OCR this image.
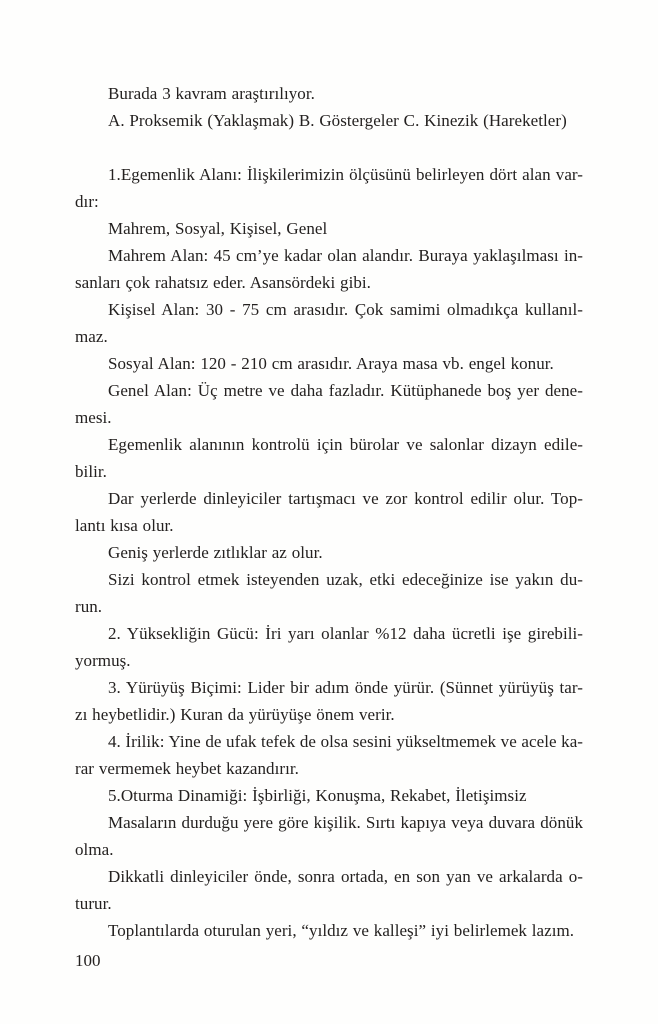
Burada 3 kavram araştırılıyor.
A. Proksemik (Yaklaşmak) B. Göstergeler C. Kinezik (Hareketler)
1.Egemenlik Alanı: İlişkilerimizin ölçüsünü belirleyen dört alan var-
dır:
Mahrem, Sosyal, Kişisel, Genel
Mahrem Alan: 45 cm’ye kadar olan alandır. Buraya yaklaşılması in-
sanları çok rahatsız eder. Asansördeki gibi.
Kişisel Alan: 30 - 75 cm arasıdır. Çok samimi olmadıkça kullanıl-
maz.
Sosyal Alan: 120 - 210 cm arasıdır. Araya masa vb. engel konur.
Genel Alan: Üç metre ve daha fazladır. Kütüphanede boş yer dene-
mesi.
Egemenlik alanının kontrolü için bürolar ve salonlar dizayn edile-
bilir.
Dar yerlerde dinleyiciler tartışmacı ve zor kontrol edilir olur. Top-
lantı kısa olur.
Geniş yerlerde zıtlıklar az olur.
Sizi kontrol etmek isteyenden uzak, etki edeceğinize ise yakın du-
run.
2. Yüksekliğin Gücü: İri yarı olanlar %12 daha ücretli işe girebili-
yormuş.
3. Yürüyüş Biçimi: Lider bir adım önde yürür. (Sünnet yürüyüş tar-
zı heybetlidir.) Kuran da yürüyüşe önem verir.
4. İrilik: Yine de ufak tefek de olsa sesini yükseltmemek ve acele ka-
rar vermemek heybet kazandırır.
5.Oturma Dinamiği: İşbirliği, Konuşma, Rekabet, İletişimsiz
Masaların durduğu yere göre kişilik. Sırtı kapıya veya duvara dönük
olma.
Dikkatli dinleyiciler önde, sonra ortada, en son yan ve arkalarda o-
turur.
Toplantılarda oturulan yeri, “yıldız ve kalleşi” iyi belirlemek lazım.
100
